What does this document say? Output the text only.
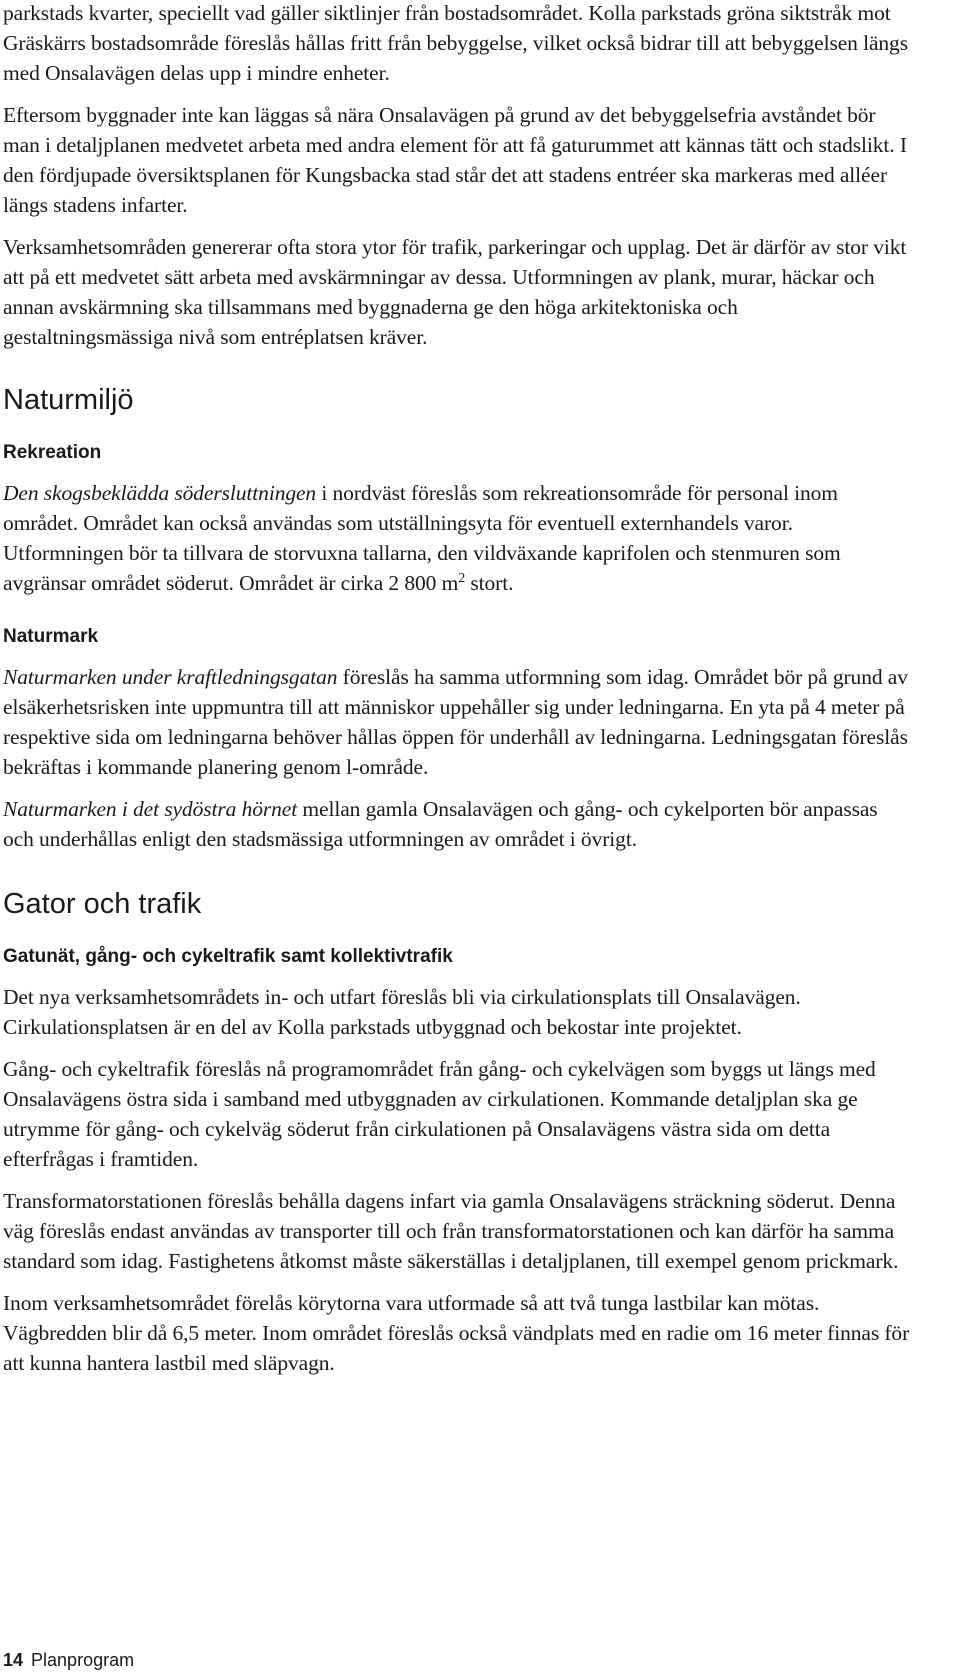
parkstads kvarter, speciellt vad gäller siktlinjer från bostadsområdet. Kolla parkstads gröna siktstråk mot Gräskärrs bostadsområde föreslås hållas fritt från bebyggelse, vilket också bidrar till att bebyggelsen längs med Onsalavägen delas upp i mindre enheter.

Eftersom byggnader inte kan läggas så nära Onsalavägen på grund av det bebyggelsefria avståndet bör man i detaljplanen medvetet arbeta med andra element för att få gaturummet att kännas tätt och stadslikt. I den fördjupade översiktsplanen för Kungsbacka stad står det att stadens entréer ska markeras med alléer längs stadens infarter.

Verksamhetsområden genererar ofta stora ytor för trafik, parkeringar och upplag. Det är därför av stor vikt att på ett medvetet sätt arbeta med avskärmningar av dessa. Utformningen av plank, murar, häckar och annan avskärmning ska tillsammans med byggnaderna ge den höga arkitektoniska och gestaltningsmässiga nivå som entréplatsen kräver.

Naturmiljö
Rekreation

Den skogsbeklädda södersluttningen i nordväst föreslås som rekreationsområde för personal inom området. Området kan också användas som utställningsyta för eventuell externhandels varor. Utformningen bör ta tillvara de storvuxna tallarna, den vildväxande kaprifolen och stenmuren som avgränsar området söderut. Området är cirka 2 800 $m^2$ stort.

Naturmark

Naturmarken under kraftledningsgatan föreslås ha samma utformning som idag. Området bör på grund av elsäkerhetsrisken inte uppmuntra till att människor uppehåller sig under ledningarna. En yta på 4 meter på respektive sida om ledningarna behöver hållas öppen för underhåll av ledningarna. Ledningsgatan föreslås bekräftas i kommande planering genom l-område.

Naturmarken i det sydöstra hörnet mellan gamla Onsalavägen och gång- och cykelporten bör anpassas och underhållas enligt den stadsmässiga utformningen av området i övrigt.

Gator och trafik
Gatunät, gång- och cykeltrafik samt kollektivtrafik

Det nya verksamhetsområdets in- och utfart föreslås bli via cirkulationsplats till Onsalavägen. Cirkulationsplatsen är en del av Kolla parkstads utbyggnad och bekostar inte projektet.

Gång- och cykeltrafik föreslås nå programområdet från gång- och cykelvägen som byggs ut längs med Onsalavägens östra sida i samband med utbyggnaden av cirkulationen. Kommande detaljplan ska ge utrymme för gång- och cykelväg söderut från cirkulationen på Onsalavägens västra sida om detta efterfrågas i framtiden.

Transformatorstationen föreslås behålla dagens infart via gamla Onsalavägens sträckning söderut. Denna väg föreslås endast användas av transporter till och från transformatorstationen och kan därför ha samma standard som idag. Fastighetens åtkomst måste säkerställas i detaljplanen, till exempel genom prickmark.

Inom verksamhetsområdet förelås körytorna vara utformade så att två tunga lastbilar kan mötas. Vägbredden blir då 6,5 meter. Inom området föreslås också vändplats med en radie om 16 meter finnas för att kunna hantera lastbil med släpvagn.

14 Planprogram
